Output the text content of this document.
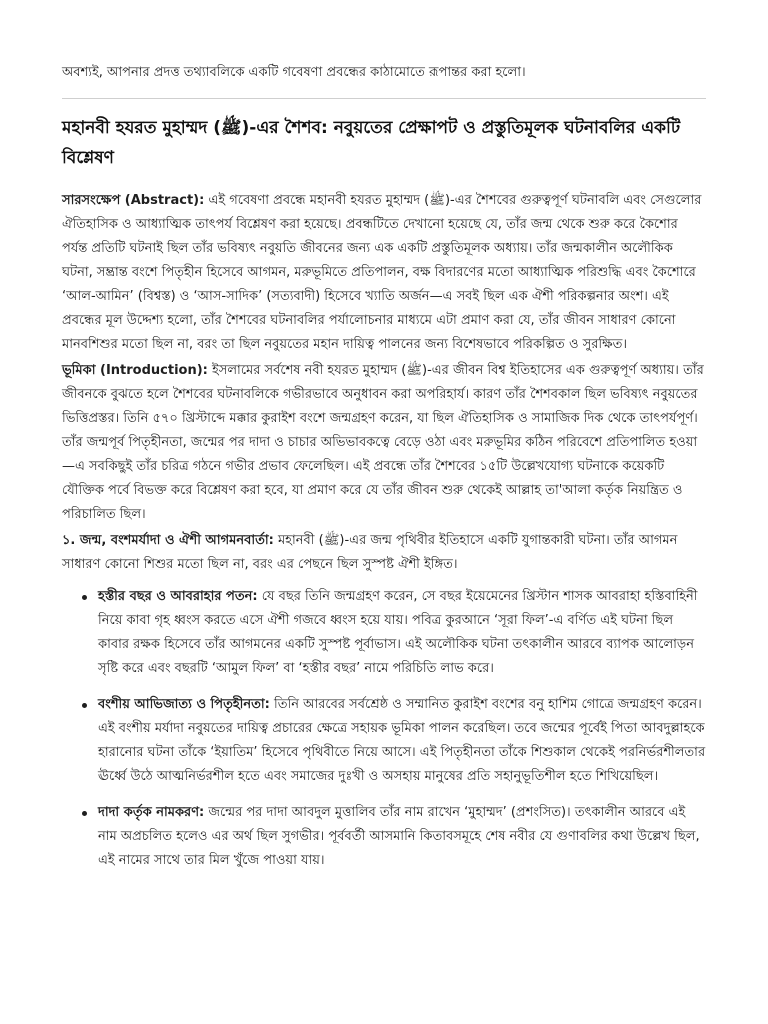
অবশ্যই, আপনার প্রদত্ত তথ্যাবলিকে একটি গবেষণা প্রবন্ধের কাঠামোতে রূপান্তর করা হলো।

মহানবী হযরত মুহাম্মদ (ﷺ)-এর শৈশব: নবুয়তের প্রেক্ষাপট ও প্রস্তুতিমূলক ঘটনাবলির একটি বিশ্লেষণ

সারসংক্ষেপ (Abstract): এই গবেষণা প্রবন্ধে মহানবী হযরত মুহাম্মদ (ﷺ)-এর শৈশবের গুরুত্বপূর্ণ ঘটনাবলি এবং সেগুলোর ঐতিহাসিক ও আধ্যাত্মিক তাৎপর্য বিশ্লেষণ করা হয়েছে। প্রবন্ধটিতে দেখানো হয়েছে যে, তাঁর জন্ম থেকে শুরু করে কৈশোর পর্যন্ত প্রতিটি ঘটনাই ছিল তাঁর ভবিষ্যৎ নবুয়তি জীবনের জন্য এক একটি প্রস্তুতিমূলক অধ্যায়। তাঁর জন্মকালীন অলৌকিক ঘটনা, সম্ভ্রান্ত বংশে পিতৃহীন হিসেবে আগমন, মরুভূমিতে প্রতিপালন, বক্ষ বিদারণের মতো আধ্যাত্মিক পরিশুদ্ধি এবং কৈশোরে ‘আল-আমিন’ (বিশ্বস্ত) ও ‘আস-সাদিক’ (সত্যবাদী) হিসেবে খ্যাতি অর্জন—এ সবই ছিল এক ঐশী পরিকল্পনার অংশ। এই প্রবন্ধের মূল উদ্দেশ্য হলো, তাঁর শৈশবের ঘটনাবলির পর্যালোচনার মাধ্যমে এটা প্রমাণ করা যে, তাঁর জীবন সাধারণ কোনো মানবশিশুর মতো ছিল না, বরং তা ছিল নবুয়তের মহান দায়িত্ব পালনের জন্য বিশেষভাবে পরিকল্পিত ও সুরক্ষিত।

ভূমিকা (Introduction): ইসলামের সর্বশেষ নবী হযরত মুহাম্মদ (ﷺ)-এর জীবন বিশ্ব ইতিহাসের এক গুরুত্বপূর্ণ অধ্যায়। তাঁর জীবনকে বুঝতে হলে শৈশবের ঘটনাবলিকে গভীরভাবে অনুধাবন করা অপরিহার্য। কারণ তাঁর শৈশবকাল ছিল ভবিষ্যৎ নবুয়তের ভিত্তিপ্রস্তর। তিনি ৫৭০ খ্রিস্টাব্দে মক্কার কুরাইশ বংশে জন্মগ্রহণ করেন, যা ছিল ঐতিহাসিক ও সামাজিক দিক থেকে তাৎপর্যপূর্ণ। তাঁর জন্মপূর্ব পিতৃহীনতা, জন্মের পর দাদা ও চাচার অভিভাবকত্বে বেড়ে ওঠা এবং মরুভূমির কঠিন পরিবেশে প্রতিপালিত হওয়া—এ সবকিছুই তাঁর চরিত্র গঠনে গভীর প্রভাব ফেলেছিল। এই প্রবন্ধে তাঁর শৈশবের ১৫টি উল্লেখযোগ্য ঘটনাকে কয়েকটি যৌক্তিক পর্বে বিভক্ত করে বিশ্লেষণ করা হবে, যা প্রমাণ করে যে তাঁর জীবন শুরু থেকেই আল্লাহ তা'আলা কর্তৃক নিয়ন্ত্রিত ও পরিচালিত ছিল।

১. জন্ম, বংশমর্যাদা ও ঐশী আগমনবার্তা: মহানবী (ﷺ)-এর জন্ম পৃথিবীর ইতিহাসে একটি যুগান্তকারী ঘটনা। তাঁর আগমন সাধারণ কোনো শিশুর মতো ছিল না, বরং এর পেছনে ছিল সুস্পষ্ট ঐশী ইঙ্গিত।

হস্তীর বছর ও আবরাহার পতন: যে বছর তিনি জন্মগ্রহণ করেন, সে বছর ইয়েমেনের খ্রিস্টান শাসক আবরাহা হস্তিবাহিনী নিয়ে কাবা গৃহ ধ্বংস করতে এসে ঐশী গজবে ধ্বংস হয়ে যায়। পবিত্র কুরআনে ‘সূরা ফিল’-এ বর্ণিত এই ঘটনা ছিল কাবার রক্ষক হিসেবে তাঁর আগমনের একটি সুস্পষ্ট পূর্বাভাস। এই অলৌকিক ঘটনা তৎকালীন আরবে ব্যাপক আলোড়ন সৃষ্টি করে এবং বছরটি ‘আমুল ফিল’ বা ‘হস্তীর বছর’ নামে পরিচিতি লাভ করে।
বংশীয় আভিজাত্য ও পিতৃহীনতা: তিনি আরবের সর্বশ্রেষ্ঠ ও সম্মানিত কুরাইশ বংশের বনু হাশিম গোত্রে জন্মগ্রহণ করেন। এই বংশীয় মর্যাদা নবুয়তের দায়িত্ব প্রচারের ক্ষেত্রে সহায়ক ভূমিকা পালন করেছিল। তবে জন্মের পূর্বেই পিতা আবদুল্লাহকে হারানোর ঘটনা তাঁকে ‘ইয়াতিম’ হিসেবে পৃথিবীতে নিয়ে আসে। এই পিতৃহীনতা তাঁকে শিশুকাল থেকেই পরনির্ভরশীলতার ঊর্ধ্বে উঠে আত্মনির্ভরশীল হতে এবং সমাজের দুঃখী ও অসহায় মানুষের প্রতি সহানুভূতিশীল হতে শিখিয়েছিল।
দাদা কর্তৃক নামকরণ: জন্মের পর দাদা আবদুল মুত্তালিব তাঁর নাম রাখেন ‘মুহাম্মদ’ (প্রশংসিত)। তৎকালীন আরবে এই নাম অপ্রচলিত হলেও এর অর্থ ছিল সুগভীর। পূর্ববর্তী আসমানি কিতাবসমূহে শেষ নবীর যে গুণাবলির কথা উল্লেখ ছিল, এই নামের সাথে তার মিল খুঁজে পাওয়া যায়।
